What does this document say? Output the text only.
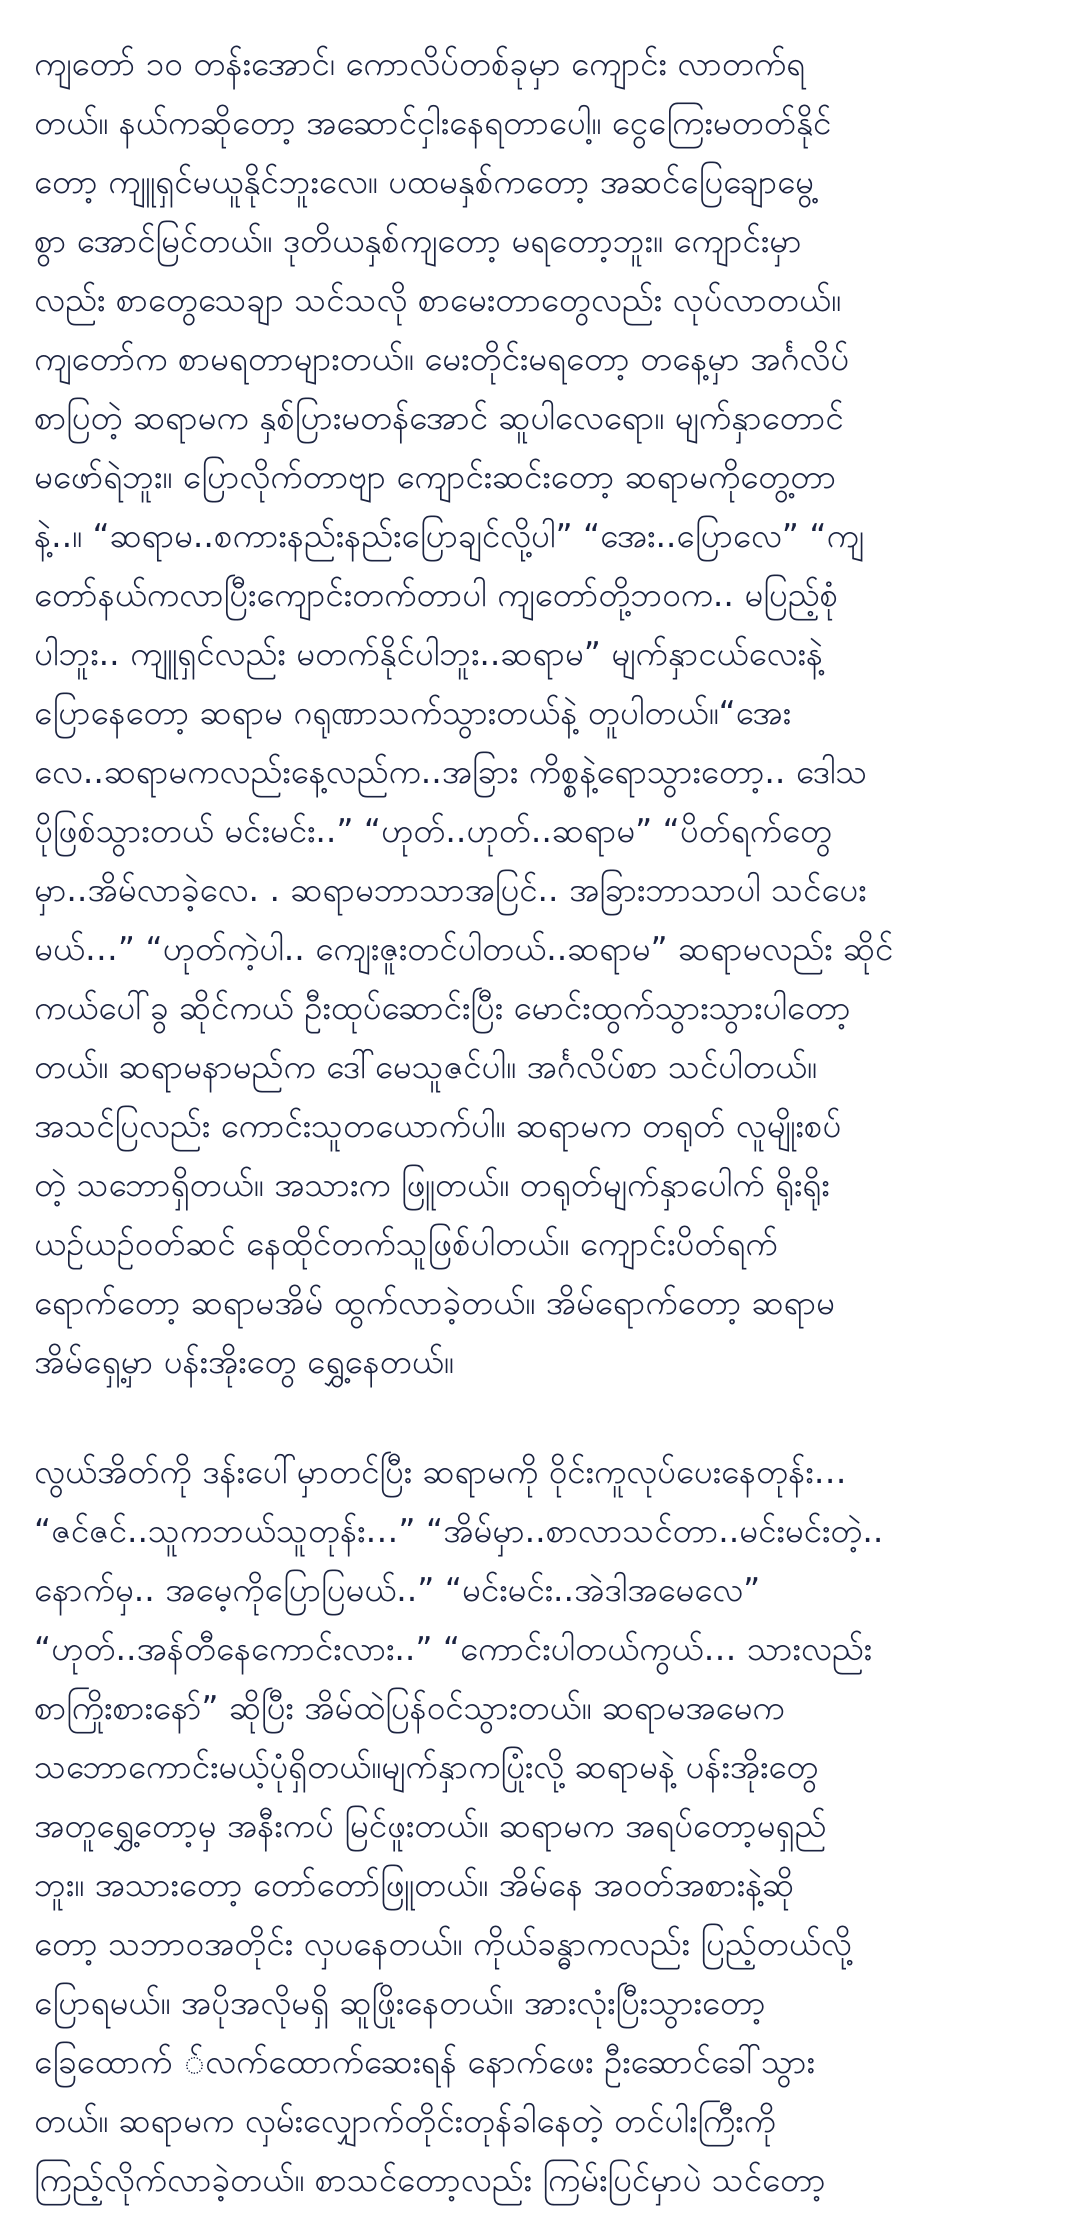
ကျတော် ၁၀ တန်းအောင်၊ ကောလိပ်တစ်ခုမှာ ကျောင်း လာတက်ရ
တယ်။ နယ်ကဆိုတော့ အဆောင်ငှါးနေရတာပေါ့။ ငွေကြေးမတတ်နိုင်
တော့ ကျူရှင်မယူနိုင်ဘူးလေ။ ပထမနှစ်ကတော့ အဆင်ပြေချောမွေ့
စွာ အောင်မြင်တယ်။ ဒုတိယနှစ်ကျတော့ မရတော့ဘူး။ ကျောင်းမှာ
လည်း စာတွေသေချာ သင်သလို စာမေးတာတွေလည်း လုပ်လာတယ်။
ကျတော်က စာမရတာများတယ်။ မေးတိုင်းမရတော့ တနေ့မှာ အင်္ဂလိပ်
စာပြတဲ့ ဆရာမက နှစ်ပြားမတန်အောင် ဆူပါလေရော။ မျက်နှာတောင်
မဖော်ရဲဘူး။ ပြောလိုက်တာဗျာ ကျောင်းဆင်းတော့ ဆရာမကိုတွေ့တာ
နဲ့..။ “ဆရာမ..စကားနည်းနည်းပြောချင်လို့ပါ” “အေး..ပြောလေ” “ကျ
တော်နယ်ကလာပြီးကျောင်းတက်တာပါ ကျတော်တို့ဘဝက.. မပြည့်စုံ
ပါဘူး.. ကျူရှင်လည်း မတက်နိုင်ပါဘူး..ဆရာမ” မျက်နှာငယ်လေးနဲ့
ပြောနေတော့ ဆရာမ ဂရုဏာသက်သွားတယ်နဲ့ တူပါတယ်။“အေး
လေ..ဆရာမကလည်းနေ့လည်က..အခြား ကိစ္စနဲ့ရောသွားတော့.. ဒေါသ
ပိုဖြစ်သွားတယ် မင်းမင်း..” “ဟုတ်..ဟုတ်..ဆရာမ” “ပိတ်ရက်တွေ
မှာ..အိမ်လာခဲ့လေ. . ဆရာမဘာသာအပြင်.. အခြားဘာသာပါ သင်ပေး
မယ်…” “ဟုတ်ကဲ့ပါ.. ကျေးဇူးတင်ပါတယ်..ဆရာမ” ဆရာမလည်း ဆိုင်
ကယ်ပေါ်ခွ ဆိုင်ကယ် ဦးထုပ်ဆောင်းပြီး မောင်းထွက်သွားသွားပါတော့
တယ်။ ဆရာမနာမည်က ဒေါ်မေသူဇင်ပါ။ အင်္ဂလိပ်စာ သင်ပါတယ်။
အသင်ပြလည်း ကောင်းသူတယောက်ပါ။ ဆရာမက တရုတ် လူမျိုးစပ်
တဲ့ သဘောရှိတယ်။ အသားက ဖြူတယ်။ တရုတ်မျက်နှာပေါက် ရိုးရိုး
ယဉ်ယဉ်ဝတ်ဆင် နေထိုင်တက်သူဖြစ်ပါတယ်။ ကျောင်းပိတ်ရက်
ရောက်တော့ ဆရာမအိမ် ထွက်လာခဲ့တယ်။ အိမ်ရောက်တော့ ဆရာမ
အိမ်ရှေ့မှာ ပန်းအိုးတွေ ရွှေ့နေတယ်။
လွယ်အိတ်ကို ဒန်းပေါ်မှာတင်ပြီး ဆရာမကို ဝိုင်းကူလုပ်ပေးနေတုန်း…
“ဇင်ဇင်..သူကဘယ်သူတုန်း…” “အိမ်မှာ..စာလာသင်တာ..မင်းမင်းတဲ့..
နောက်မှ.. အမေ့ကိုပြောပြမယ်..” “မင်းမင်း..အဲဒါအမေလေ”
“ဟုတ်..အန်တီနေကောင်းလား..” “ကောင်းပါတယ်ကွယ်… သားလည်း
စာကြိုးစားနော်” ဆိုပြီး အိမ်ထဲပြန်ဝင်သွားတယ်။ ဆရာမအမေက
သဘောကောင်းမယ့်ပုံရှိတယ်။မျက်နှာကပြုံးလို့ ဆရာမနဲ့ ပန်းအိုးတွေ
အတူရွှေ့တော့မှ အနီးကပ် မြင်ဖူးတယ်။ ဆရာမက အရပ်တော့မရှည်
ဘူး။ အသားတော့ တော်တော်ဖြူတယ်။ အိမ်နေ အဝတ်အစားနဲ့ဆို
တော့ သဘာဝအတိုင်း လှပနေတယ်။ ကိုယ်ခန္ဓာကလည်း ပြည့်တယ်လို့
ပြောရမယ်။ အပိုအလိုမရှိ ဆူဖြိုးနေတယ်။ အားလုံးပြီးသွားတော့
ခြေထောက် ်လက်ထောက်ဆေးရန် နောက်ဖေး ဦးဆောင်ခေါ်သွား
တယ်။ ဆရာမက လှမ်းလျှောက်တိုင်းတုန်ခါနေတဲ့ တင်ပါးကြီးကို
ကြည့်လိုက်လာခဲ့တယ်။ စာသင်တော့လည်း ကြမ်းပြင်မှာပဲ သင်တော့
